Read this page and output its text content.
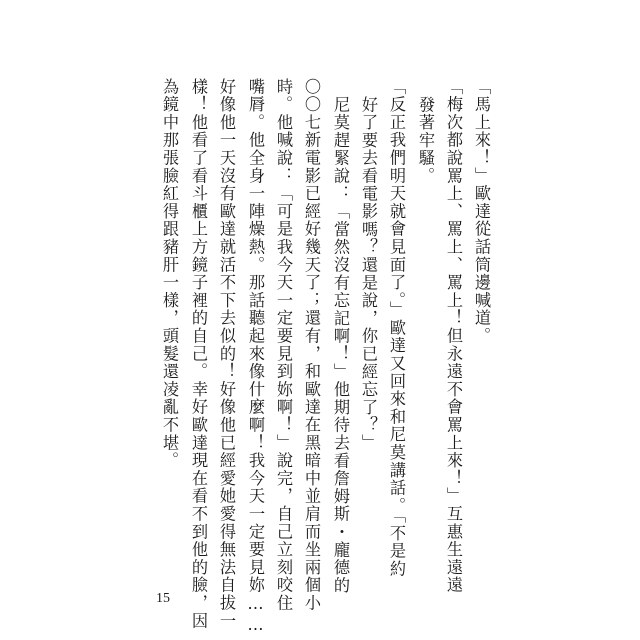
「馬上來！」歐達從話筒邊喊道。
「梅次都說罵上、罵上、罵上！但永遠不會罵上來！」互惠生遠遠
發著牢騷。
「反正我們明天就會見面了。」歐達又回來和尼莫講話。「不是約
好了要去看電影嗎？還是說，你已經忘了？」
尼莫趕緊說：「當然沒有忘記啊！」他期待去看詹姆斯・龐德的
〇〇七新電影已經好幾天了；還有，和歐達在黑暗中並肩而坐兩個小
時。他喊說：「可是我今天一定要見到妳啊！」說完，自己立刻咬住
嘴脣。他全身一陣燥熱。那話聽起來像什麼啊！我今天一定要見妳……
好像他一天沒有歐達就活不下去似的！好像他已經愛她愛得無法自拔一
樣！他看了看斗櫃上方鏡子裡的自己。幸好歐達現在看不到他的臉，因
為鏡中那張臉紅得跟豬肝一樣，頭髮還凌亂不堪。
15
